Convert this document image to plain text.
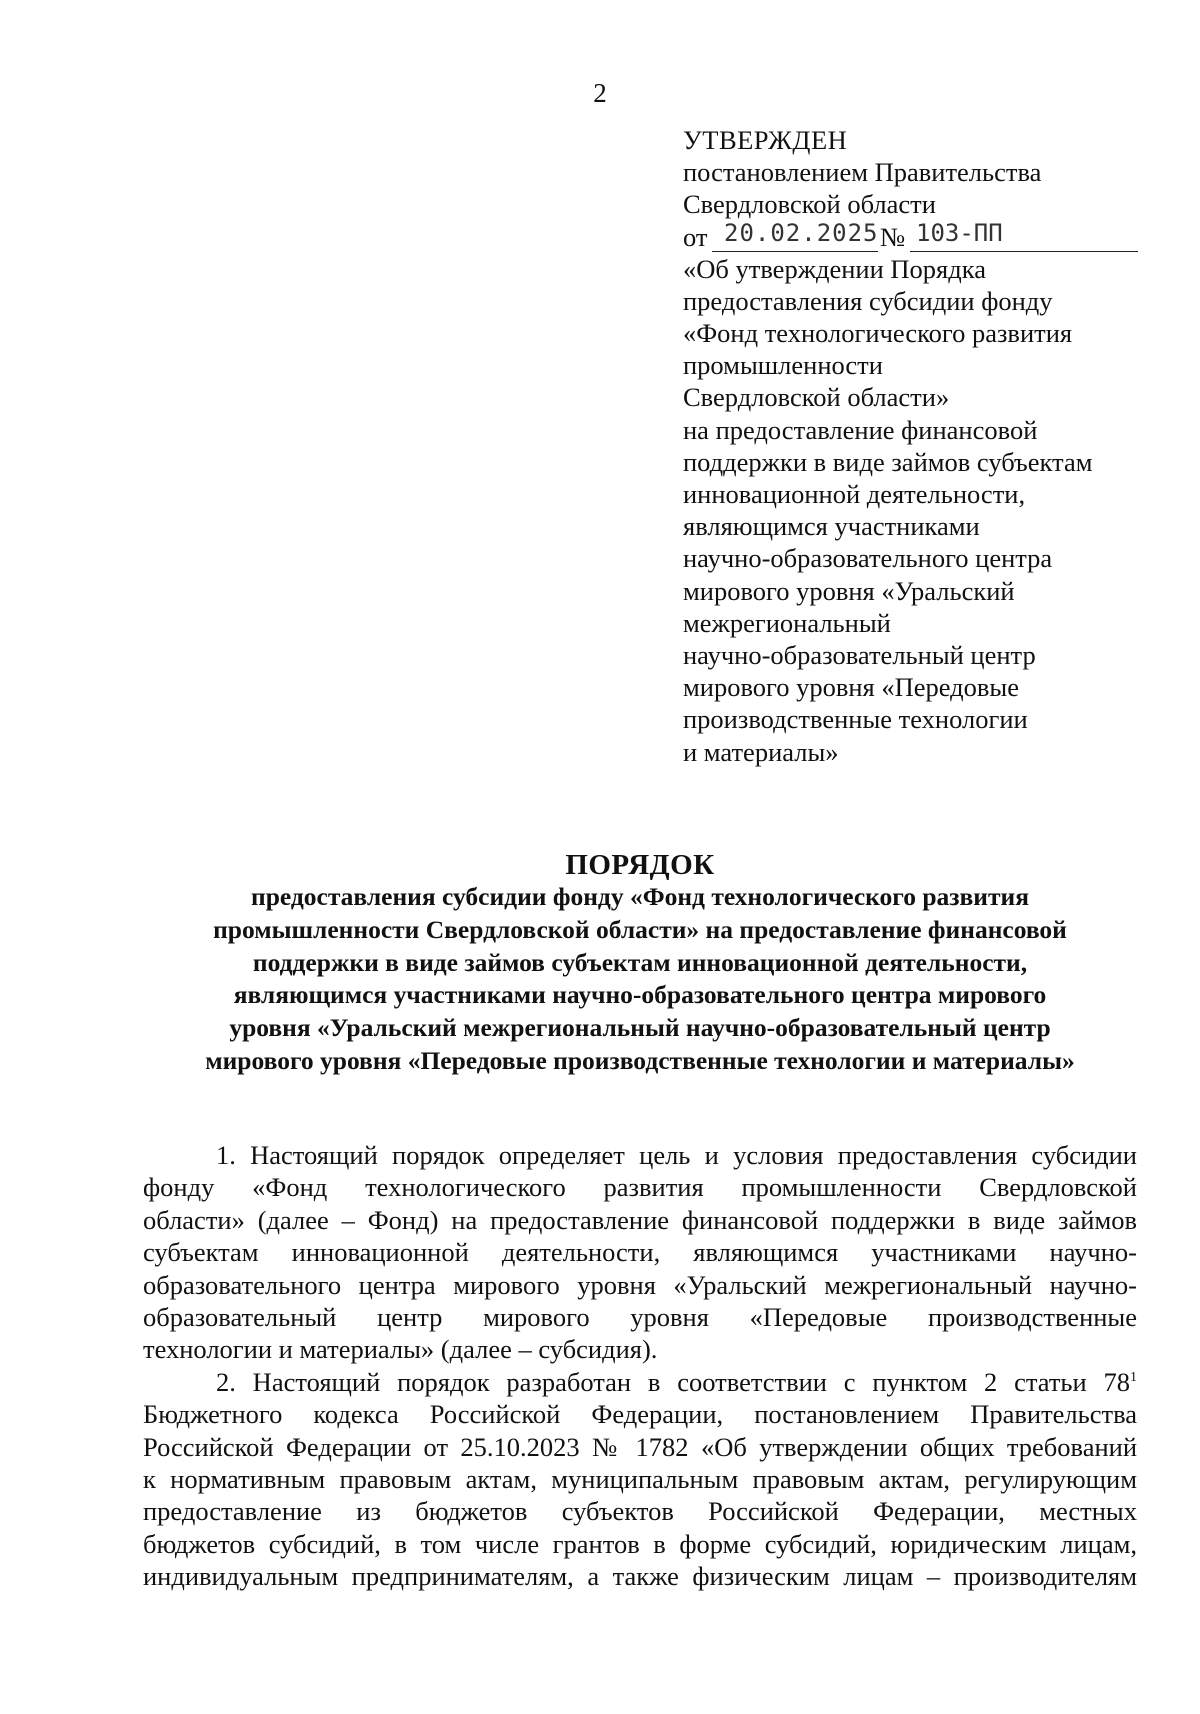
2
УТВЕРЖДЕН
постановлением Правительства
Свердловской области
от 20.02.2025 № 103-ПП
«Об утверждении Порядка
предоставления субсидии фонду
«Фонд технологического развития
промышленности
Свердловской области»
на предоставление финансовой
поддержки в виде займов субъектам
инновационной деятельности,
являющимся участниками
научно-образовательного центра
мирового уровня «Уральский
межрегиональный
научно-образовательный центр
мирового уровня «Передовые
производственные технологии
и материалы»
ПОРЯДОК
предоставления субсидии фонду «Фонд технологического развития
промышленности Свердловской области» на предоставление финансовой
поддержки в виде займов субъектам инновационной деятельности,
являющимся участниками научно-образовательного центра мирового
уровня «Уральский межрегиональный научно-образовательный центр
мирового уровня «Передовые производственные технологии и материалы»
1. Настоящий порядок определяет цель и условия предоставления субсидии
фонду «Фонд технологического развития промышленности Свердловской
области» (далее – Фонд) на предоставление финансовой поддержки в виде займов
субъектам инновационной деятельности, являющимся участниками научно-
образовательного центра мирового уровня «Уральский межрегиональный научно-
образовательный центр мирового уровня «Передовые производственные
технологии и материалы» (далее – субсидия).
2. Настоящий порядок разработан в соответствии с пунктом 2 статьи $78^1$
Бюджетного кодекса Российской Федерации, постановлением Правительства
Российской Федерации от 25.10.2023 № 1782 «Об утверждении общих требований
к нормативным правовым актам, муниципальным правовым актам, регулирующим
предоставление из бюджетов субъектов Российской Федерации, местных
бюджетов субсидий, в том числе грантов в форме субсидий, юридическим лицам,
индивидуальным предпринимателям, а также физическим лицам – производителям
